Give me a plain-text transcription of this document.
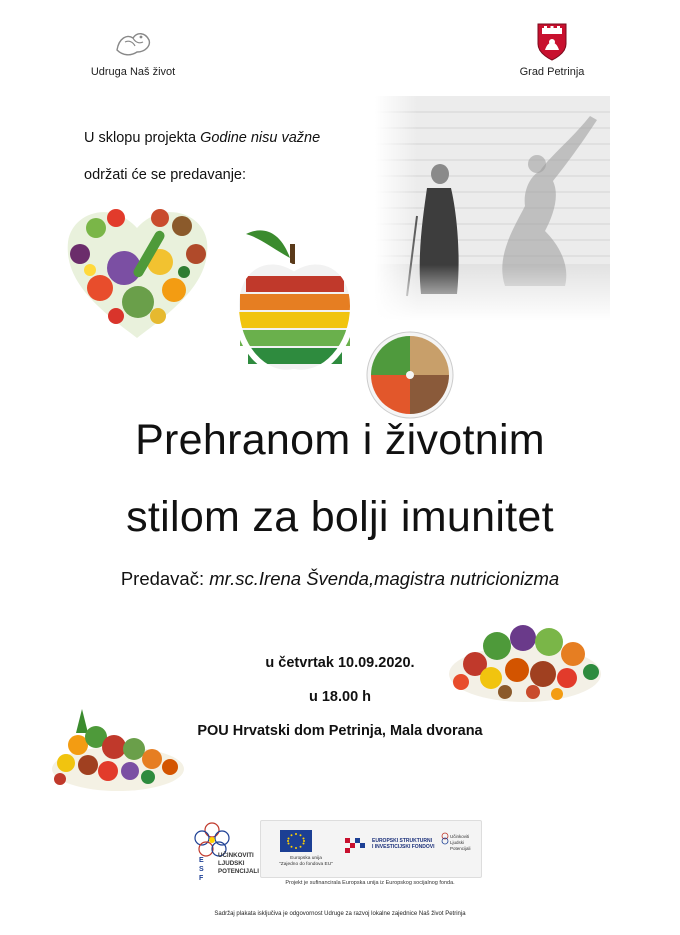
Udruga Naš život	Grad Petrinja
U sklopu projekta Godine nisu važne
održati će se predavanje:
Prehranom i životnim
stilom za bolji imunitet
Predavač: mr.sc.Irena Švenda,magistra nutricionizma
u četvrtak 10.09.2020.
u 18.00 h
POU Hrvatski dom Petrinja, Mala dvorana
E
S
F
UČINKOVITI
LJUDSKI
POTENCIJALI
Europska unija
"Zajedno do fondova EU"
EUROPSKI STRUKTURNI
I INVESTICIJSKI FONDOVI
Učinkoviti
Ljudski
Potencijali
Projekt je sufinancirala Europska unija iz Europskog socijalnog fonda.
Sadržaj plakata isključiva je odgovornost Udruge za razvoj lokalne zajednice Naš život Petrinja
